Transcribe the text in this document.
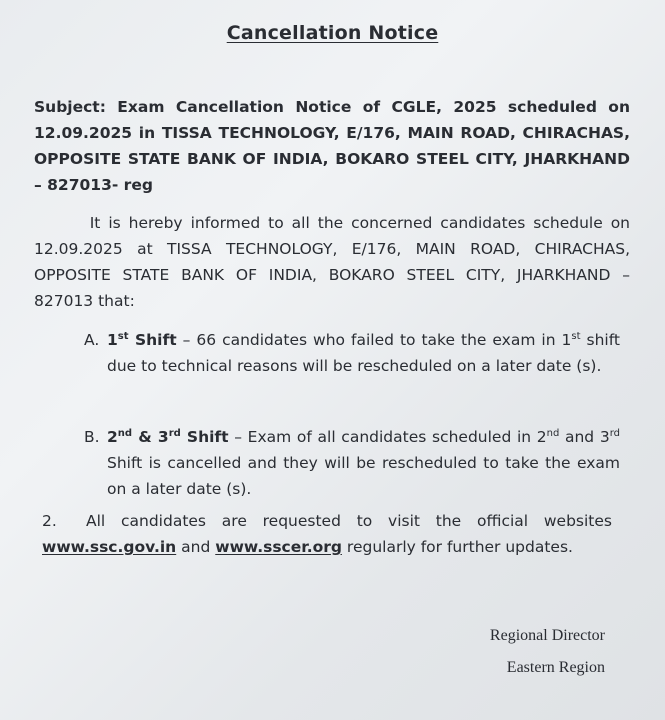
Cancellation Notice
Subject: Exam Cancellation Notice of CGLE, 2025 scheduled on 12.09.2025 in TISSA TECHNOLOGY, E/176, MAIN ROAD, CHIRACHAS, OPPOSITE STATE BANK OF INDIA, BOKARO STEEL CITY, JHARKHAND – 827013- reg
It is hereby informed to all the concerned candidates schedule on 12.09.2025 at TISSA TECHNOLOGY, E/176, MAIN ROAD, CHIRACHAS, OPPOSITE STATE BANK OF INDIA, BOKARO STEEL CITY, JHARKHAND – 827013 that:
A. 1st Shift – 66 candidates who failed to take the exam in 1st shift due to technical reasons will be rescheduled on a later date (s).
B. 2nd & 3rd Shift – Exam of all candidates scheduled in 2nd and 3rd Shift is cancelled and they will be rescheduled to take the exam on a later date (s).
2. All candidates are requested to visit the official websites www.ssc.gov.in and www.sscer.org regularly for further updates.
Regional Director
Eastern Region
